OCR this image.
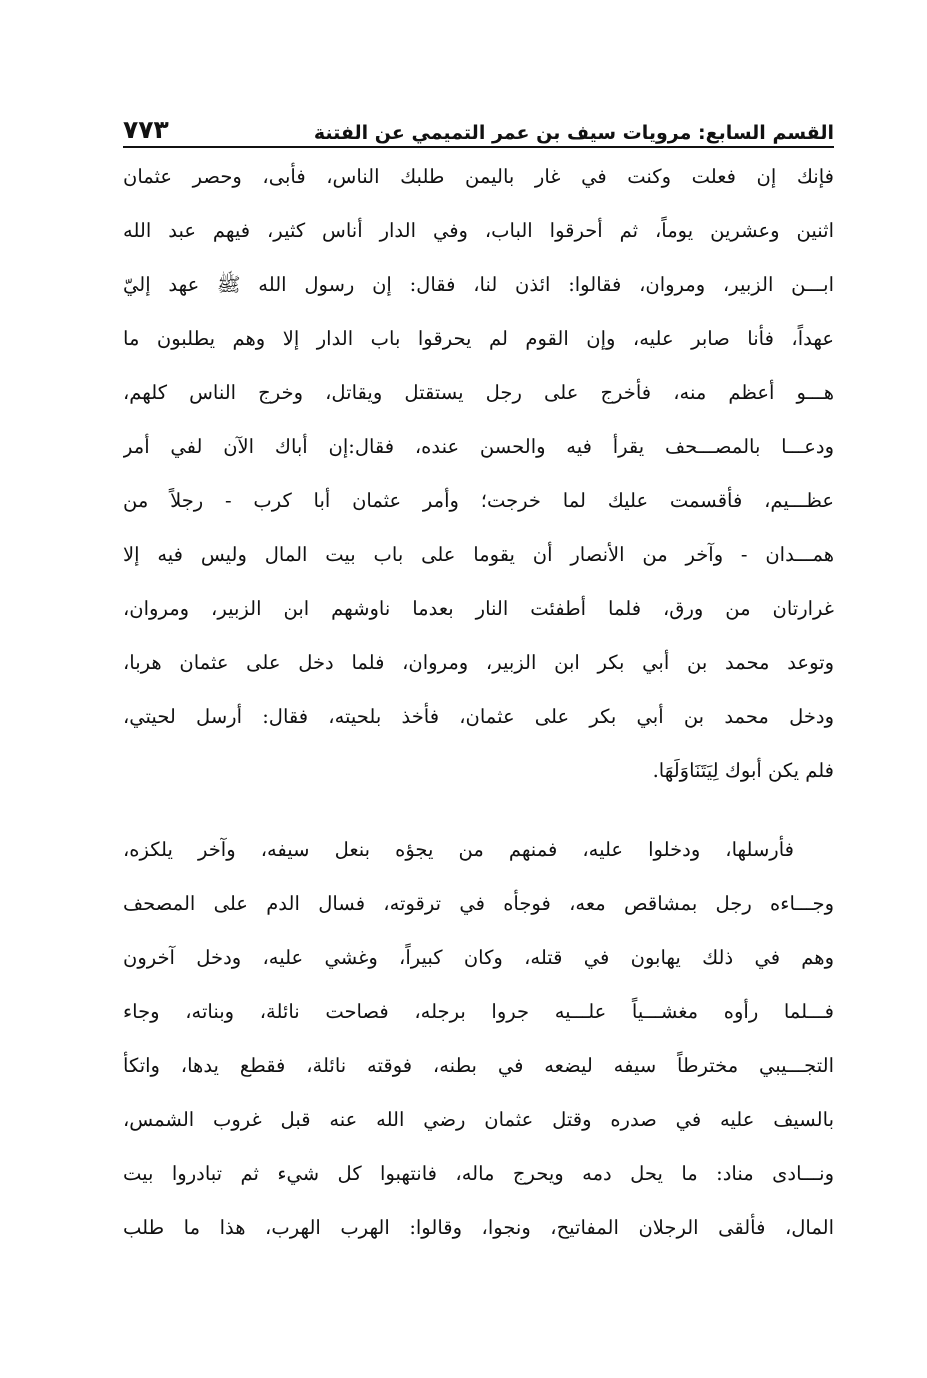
٧٧٣	القسم السابع: مرويات سيف بن عمر التميمي عن الفتنة
فإنك إن فعلت وكنت في غار باليمن طلبك الناس، فأبى، وحصر عثمان
اثنين وعشرين يوماً، ثم أحرقوا الباب، وفي الدار أناس كثير، فيهم عبد الله
ابـــن الزبير، ومروان، فقالوا: ائذن لنا، فقال: إن رسول الله ﷺ عهد إليّ
عهداً، فأنا صابر عليه، وإن القوم لم يحرقوا باب الدار إلا وهم يطلبون ما
هـــو أعظم منه، فأخرج على رجل يستقتل ويقاتل، وخرج الناس كلهم،
ودعـــا بالمصـــحف يقرأ فيه والحسن عنده، فقال:إن أباك الآن لفي أمر
عظـــيم، فأقسمت عليك لما خرجت؛ وأمر عثمان أبا كرب - رجلاً من
همـــدان - وآخر من الأنصار أن يقوما على باب بيت المال وليس فيه إلا
غرارتان من ورق، فلما أطفئت النار بعدما ناوشهم ابن الزبير، ومروان،
وتوعد محمد بن أبي بكر ابن الزبير، ومروان، فلما دخل على عثمان هربا،
ودخل محمد بن أبي بكر على عثمان، فأخذ بلحيته، فقال: أرسل لحيتي،
فلم يكن أبوك لِيَتَنَاوَلَهَا.
فأرسلها، ودخلوا عليه، فمنهم من يجؤه بنعل سيفه، وآخر يلكزه،
وجـــاءه رجل بمشاقص معه، فوجأه في ترقوته، فسال الدم على المصحف
وهم في ذلك يهابون في قتله، وكان كبيراً، وغشي عليه، ودخل آخرون
فـــلما رأوه مغشـــياً علـــيه جروا برجله، فصاحت نائلة، وبناته، وجاء
التجـــيبي مخترطاً سيفه ليضعه في بطنه، فوقته نائلة، فقطع يدها، واتكأ
بالسيف عليه في صدره وقتل عثمان رضي الله عنه قبل غروب الشمس،
ونـــادى مناد: ما يحل دمه ويحرج ماله، فانتهبوا كل شيء ثم تبادروا بيت
المال، فألقى الرجلان المفاتيح، ونجوا، وقالوا: الهرب الهرب، هذا ما طلب
